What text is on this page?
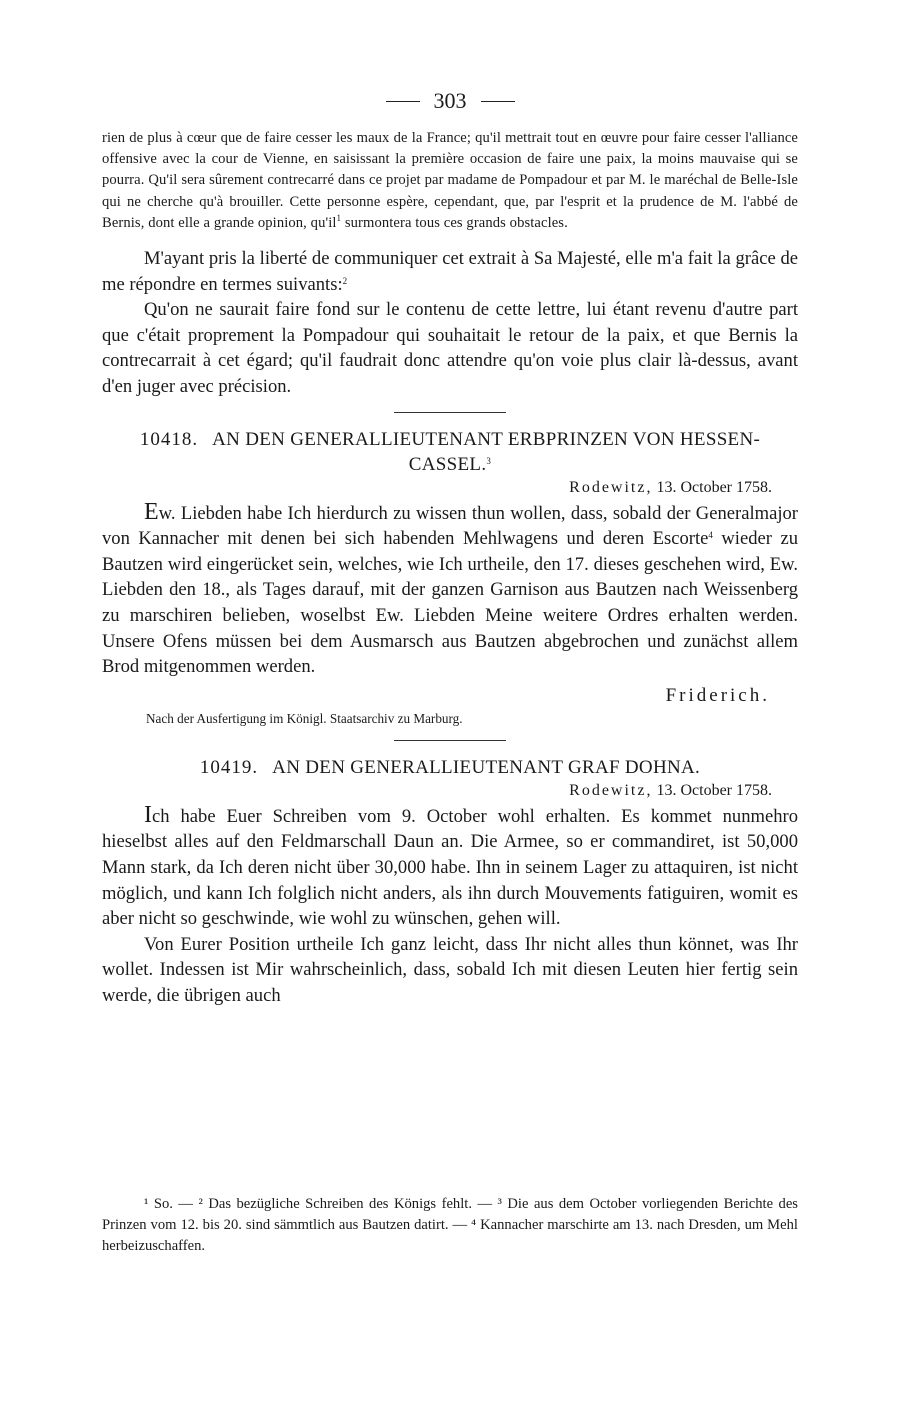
303

rien de plus à cœur que de faire cesser les maux de la France; qu'il mettrait tout en œuvre pour faire cesser l'alliance offensive avec la cour de Vienne, en saisissant la première occasion de faire une paix, la moins mauvaise qui se pourra. Qu'il sera sûrement contrecarré dans ce projet par madame de Pompadour et par M. le maréchal de Belle-Isle qui ne cherche qu'à brouiller. Cette personne espère, cependant, que, par l'esprit et la prudence de M. l'abbé de Bernis, dont elle a grande opinion, $qu'il^1$ surmontera tous ces grands obstacles.

M'ayant pris la liberté de communiquer cet extrait à Sa Majesté, elle m'a fait la grâce de me répondre en termes suivants:$^2$

Qu'on ne saurait faire fond sur le contenu de cette lettre, lui étant revenu d'autre part que c'était proprement la Pompadour qui souhaitait le retour de la paix, et que Bernis la contrecarrait à cet égard; qu'il faudrait donc attendre qu'on voie plus clair là-dessus, avant d'en juger avec précision.

10418. AN DEN GENERALLIEUTENANT ERBPRINZEN VON HESSEN-CASSEL.$^3$
Rodewitz, 13. October 1758.

Ew. Liebden habe Ich hierdurch zu wissen thun wollen, dass, sobald der Generalmajor von Kannacher mit denen bei sich habenden Mehlwagens und deren Escorte$^4$ wieder zu Bautzen wird eingerücket sein, welches, wie Ich urtheile, den 17. dieses geschehen wird, Ew. Liebden den 18., als Tages darauf, mit der ganzen Garnison aus Bautzen nach Weissenberg zu marschiren belieben, woselbst Ew. Liebden Meine weitere Ordres erhalten werden. Unsere Ofens müssen bei dem Ausmarsch aus Bautzen abgebrochen und zunächst allem Brod mitgenommen werden.

Friderich.
Nach der Ausfertigung im Königl. Staatsarchiv zu Marburg.
10419. AN DEN GENERALLIEUTENANT GRAF DOHNA.
Rodewitz, 13. October 1758.

Ich habe Euer Schreiben vom 9. October wohl erhalten. Es kommet nunmehro hieselbst alles auf den Feldmarschall Daun an. Die Armee, so er commandiret, ist 50,000 Mann stark, da Ich deren nicht über 30,000 habe. Ihn in seinem Lager zu attaquiren, ist nicht möglich, und kann Ich folglich nicht anders, als ihn durch Mouvements fatiguiren, womit es aber nicht so geschwinde, wie wohl zu wünschen, gehen will.

Von Eurer Position urtheile Ich ganz leicht, dass Ihr nicht alles thun könnet, was Ihr wollet. Indessen ist Mir wahrscheinlich, dass, sobald Ich mit diesen Leuten hier fertig sein werde, die übrigen auch

¹ So. — ² Das bezügliche Schreiben des Königs fehlt. — ³ Die aus dem October vorliegenden Berichte des Prinzen vom 12. bis 20. sind sämmtlich aus Bautzen datirt. — ⁴ Kannacher marschirte am 13. nach Dresden, um Mehl herbeizuschaffen.
